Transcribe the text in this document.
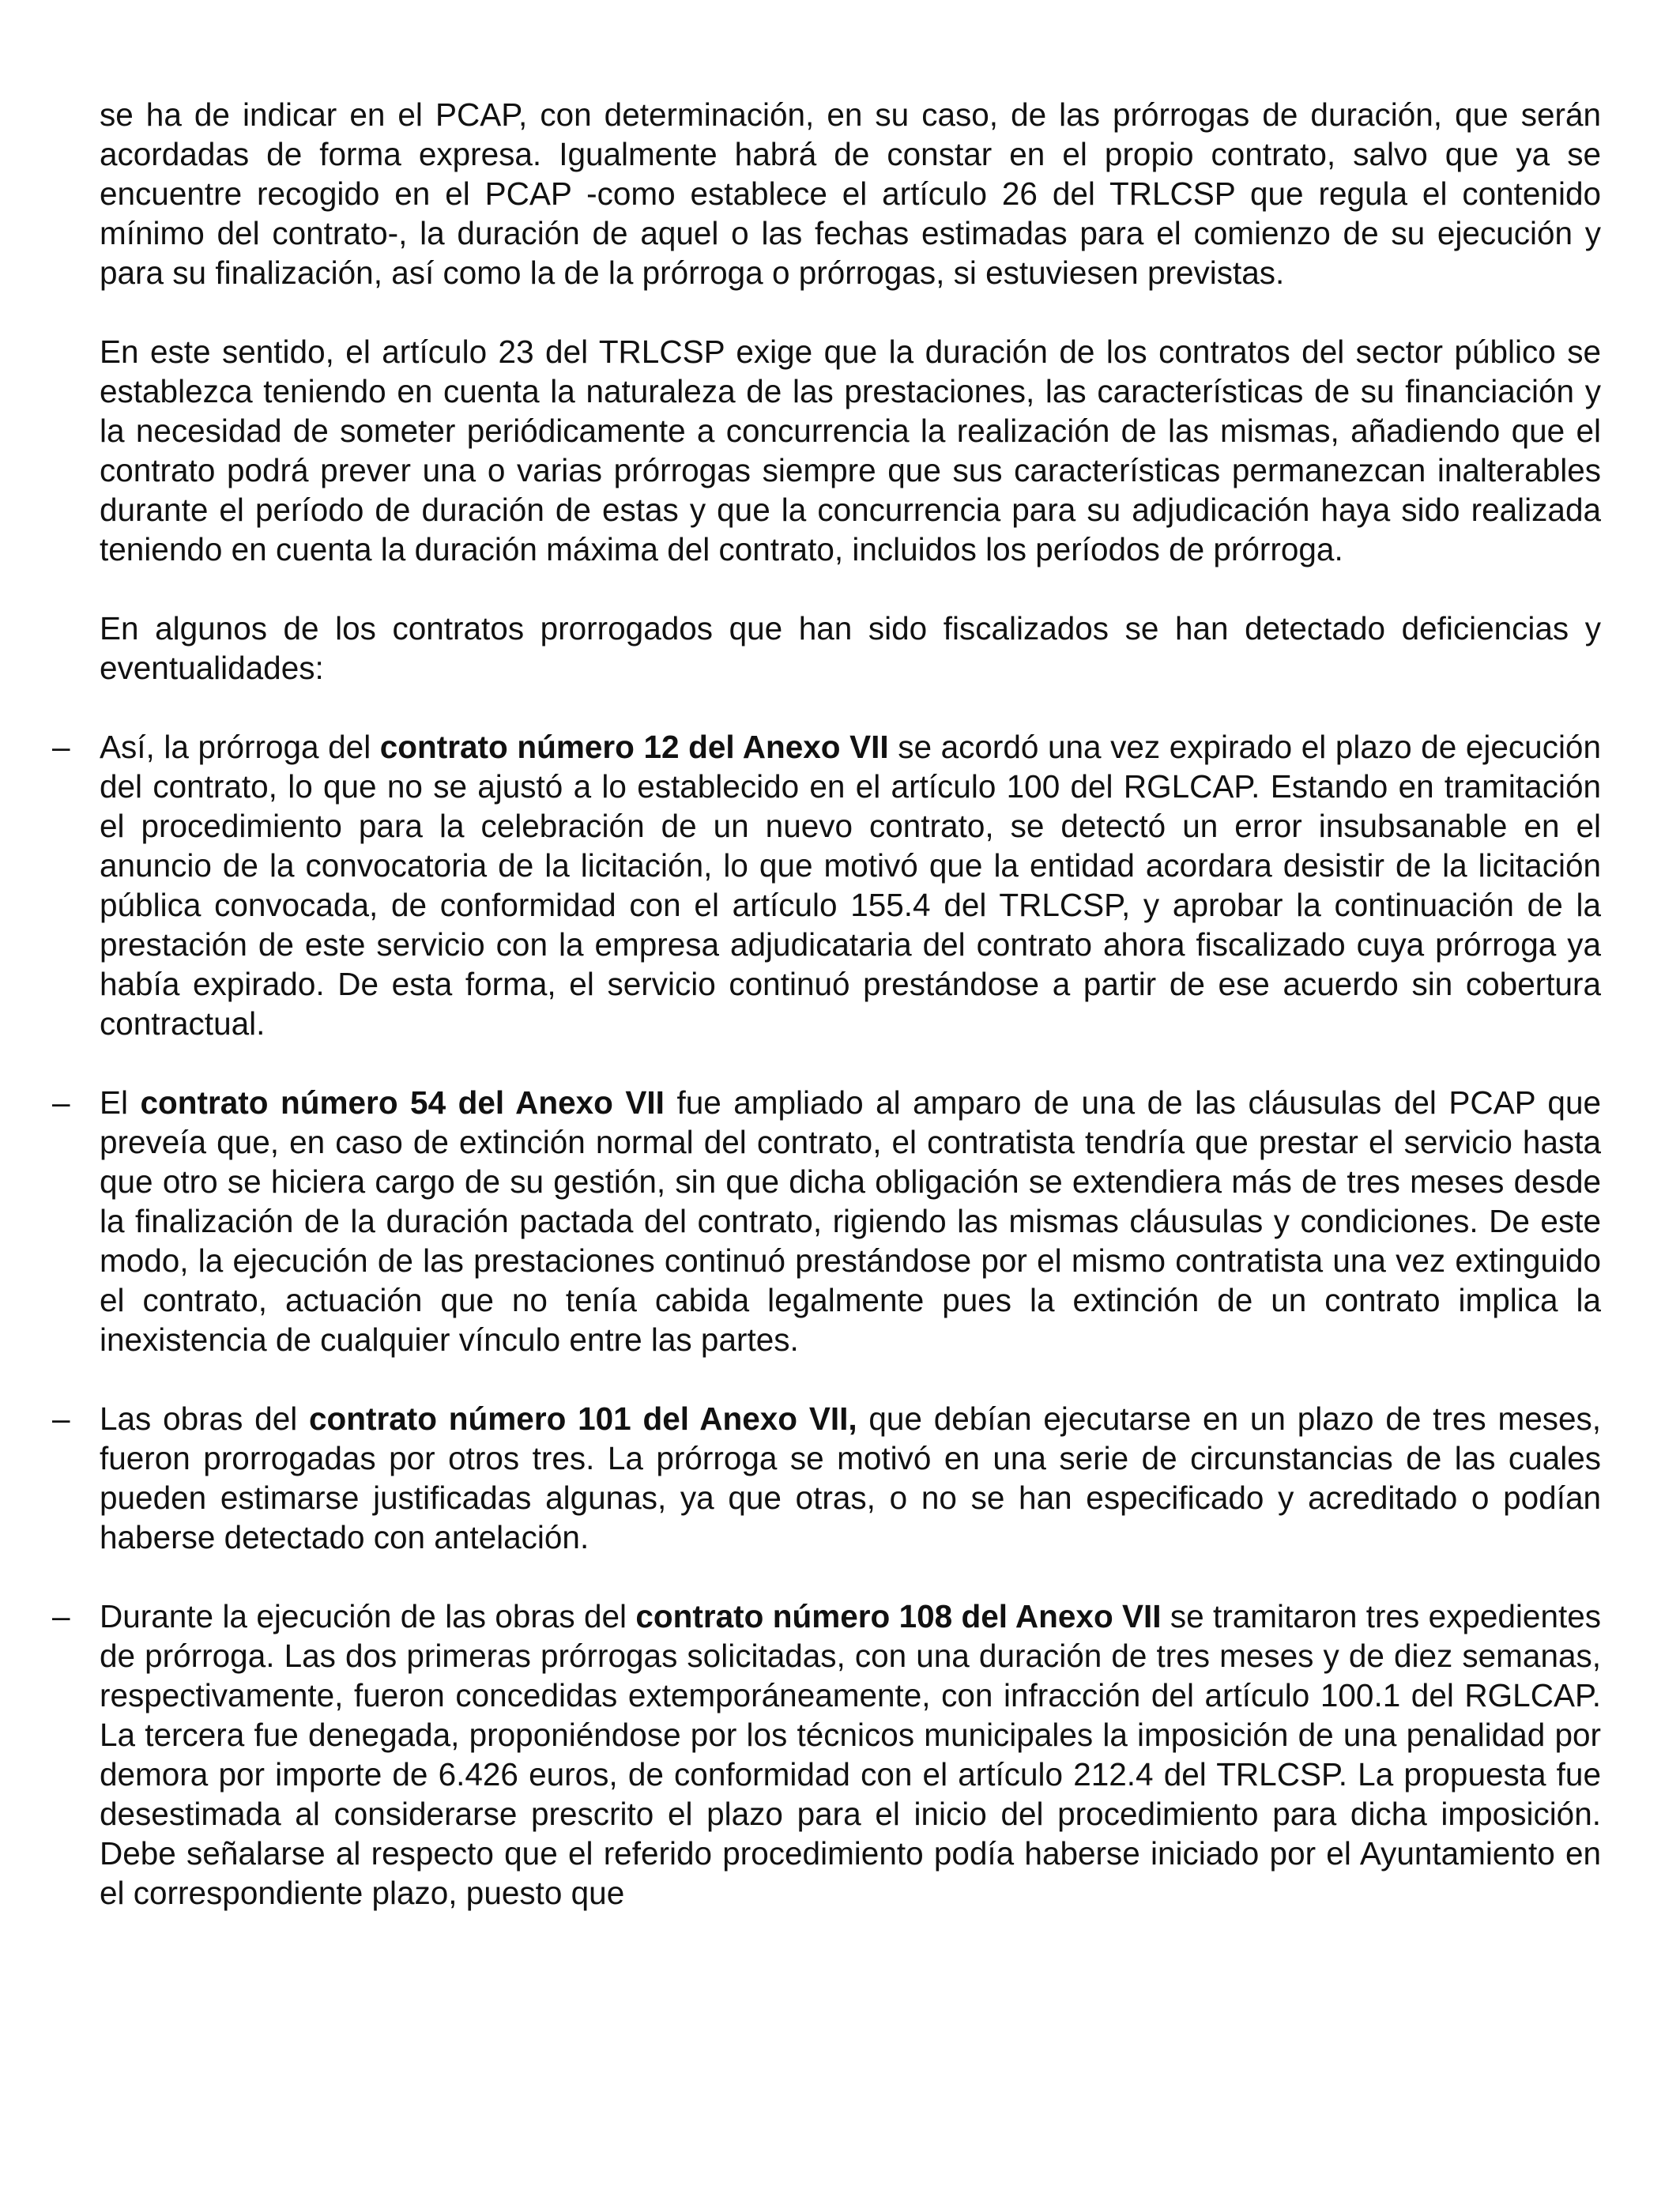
se ha de indicar en el PCAP, con determinación, en su caso, de las prórrogas de duración, que serán acordadas de forma expresa. Igualmente habrá de constar en el propio contrato, salvo que ya se encuentre recogido en el PCAP -como establece el artículo 26 del TRLCSP que regula el contenido mínimo del contrato-, la duración de aquel o las fechas estimadas para el comienzo de su ejecución y para su finalización, así como la de la prórroga o prórrogas, si estuviesen previstas.

En este sentido, el artículo 23 del TRLCSP exige que la duración de los contratos del sector público se establezca teniendo en cuenta la naturaleza de las prestaciones, las características de su financiación y la necesidad de someter periódicamente a concurrencia la realización de las mismas, añadiendo que el contrato podrá prever una o varias prórrogas siempre que sus características permanezcan inalterables durante el período de duración de estas y que la concurrencia para su adjudicación haya sido realizada teniendo en cuenta la duración máxima del contrato, incluidos los períodos de prórroga.

En algunos de los contratos prorrogados que han sido fiscalizados se han detectado deficiencias y eventualidades:

– Así, la prórroga del contrato número 12 del Anexo VII se acordó una vez expirado el plazo de ejecución del contrato, lo que no se ajustó a lo establecido en el artículo 100 del RGLCAP. Estando en tramitación el procedimiento para la celebración de un nuevo contrato, se detectó un error insubsanable en el anuncio de la convocatoria de la licitación, lo que motivó que la entidad acordara desistir de la licitación pública convocada, de conformidad con el artículo 155.4 del TRLCSP, y aprobar la continuación de la prestación de este servicio con la empresa adjudicataria del contrato ahora fiscalizado cuya prórroga ya había expirado. De esta forma, el servicio continuó prestándose a partir de ese acuerdo sin cobertura contractual.
– El contrato número 54 del Anexo VII fue ampliado al amparo de una de las cláusulas del PCAP que preveía que, en caso de extinción normal del contrato, el contratista tendría que prestar el servicio hasta que otro se hiciera cargo de su gestión, sin que dicha obligación se extendiera más de tres meses desde la finalización de la duración pactada del contrato, rigiendo las mismas cláusulas y condiciones. De este modo, la ejecución de las prestaciones continuó prestándose por el mismo contratista una vez extinguido el contrato, actuación que no tenía cabida legalmente pues la extinción de un contrato implica la inexistencia de cualquier vínculo entre las partes.
– Las obras del contrato número 101 del Anexo VII, que debían ejecutarse en un plazo de tres meses, fueron prorrogadas por otros tres. La prórroga se motivó en una serie de circunstancias de las cuales pueden estimarse justificadas algunas, ya que otras, o no se han especificado y acreditado o podían haberse detectado con antelación.
– Durante la ejecución de las obras del contrato número 108 del Anexo VII se tramitaron tres expedientes de prórroga. Las dos primeras prórrogas solicitadas, con una duración de tres meses y de diez semanas, respectivamente, fueron concedidas extemporáneamente, con infracción del artículo 100.1 del RGLCAP. La tercera fue denegada, proponiéndose por los técnicos municipales la imposición de una penalidad por demora por importe de 6.426 euros, de conformidad con el artículo 212.4 del TRLCSP. La propuesta fue desestimada al considerarse prescrito el plazo para el inicio del procedimiento para dicha imposición. Debe señalarse al respecto que el referido procedimiento podía haberse iniciado por el Ayuntamiento en el correspondiente plazo, puesto que
